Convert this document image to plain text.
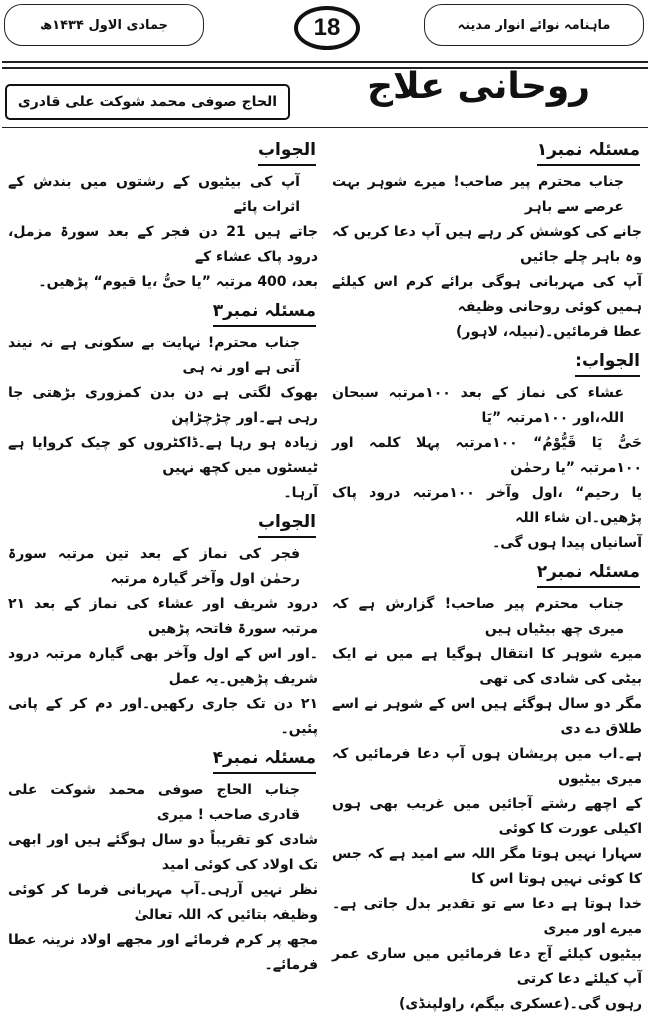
ماہنامہ نوائے انوار مدینہ
18
جمادی الاول ۱۴۳۴ھ
روحانی علاج
الحاج صوفی محمد شوکت علی قادری
مسئلہ نمبر۱
جناب محترم پیر صاحب! میرے شوہر بہت عرصے سے باہر
جانے کی کوشش کر رہے ہیں آپ دعا کریں کہ وہ باہر چلے جائیں
آپ کی مہربانی ہوگی برائے کرم اس کیلئے ہمیں کوئی روحانی وظیفہ
عطا فرمائیں۔(نبیلہ، لاہور)
الجواب:
عشاء کی نماز کے بعد ۱۰۰مرتبہ سبحان اللہ،اور ۱۰۰مرتبہ ”یَا
حَیُّ یَا قَیُّوْمُ“ ۱۰۰مرتبہ پہلا کلمہ اور ۱۰۰مرتبہ ”یا رحمٰن
یا رحیم“ ،اول وآخر ۱۰۰مرتبہ درود پاک پڑھیں۔ان شاء اللہ
آسانیاں پیدا ہوں گی۔
مسئلہ نمبر۲
جناب محترم پیر صاحب! گزارش ہے کہ میری چھ بیٹیاں ہیں
میرے شوہر کا انتقال ہوگیا ہے میں نے ایک بیٹی کی شادی کی تھی
مگر دو سال ہوگئے ہیں اس کے شوہر نے اسے طلاق دے دی
ہے۔اب میں پریشان ہوں آپ دعا فرمائیں کہ میری بیٹیوں
کے اچھے رشتے آجائیں میں غریب بھی ہوں اکیلی عورت کا کوئی
سہارا نہیں ہوتا مگر اللہ سے امید ہے کہ جس کا کوئی نہیں ہوتا اس کا
خدا ہوتا ہے دعا سے تو تقدیر بدل جاتی ہے۔میرے اور میری
بیٹیوں کیلئے آج دعا فرمائیں میں ساری عمر آپ کیلئے دعا کرتی
رہوں گی۔(عسکری بیگم، راولپنڈی)
الجواب
آپ کی بیٹیوں کے رشتوں میں بندش کے اثرات پائے
جاتے ہیں 21 دن فجر کے بعد سورۃ مزمل، درود پاک عشاء کے
بعد، 400 مرتبہ ”یا حیُّ ،یا قیوم“ پڑھیں۔
مسئلہ نمبر۳
جناب محترم! نہایت بے سکونی ہے نہ نیند آتی ہے اور نہ ہی
بھوک لگتی ہے دن بدن کمزوری بڑھتی جا رہی ہے۔اور چڑچڑاپن
زیادہ ہو رہا ہے۔ڈاکٹروں کو چیک کروایا ہے ٹیسٹوں میں کچھ نہیں
آرہا۔
الجواب
فجر کی نماز کے بعد تین مرتبہ سورۃ رحمٰن اول وآخر گیارہ مرتبہ
درود شریف اور عشاء کی نماز کے بعد ۲۱ مرتبہ سورۃ فاتحہ پڑھیں
۔اور اس کے اول وآخر بھی گیارہ مرتبہ درود شریف پڑھیں۔یہ عمل
۲۱ دن تک جاری رکھیں۔اور دم کر کے پانی پئیں۔
مسئلہ نمبر۴
جناب الحاج صوفی محمد شوکت علی قادری صاحب ! میری
شادی کو تقریباً دو سال ہوگئے ہیں اور ابھی تک اولاد کی کوئی امید
نظر نہیں آرہی۔آپ مہربانی فرما کر کوئی وظیفہ بتائیں کہ اللہ تعالیٰ
مجھ پر کرم فرمائے اور مجھے اولاد نرینہ عطا فرمائے۔
